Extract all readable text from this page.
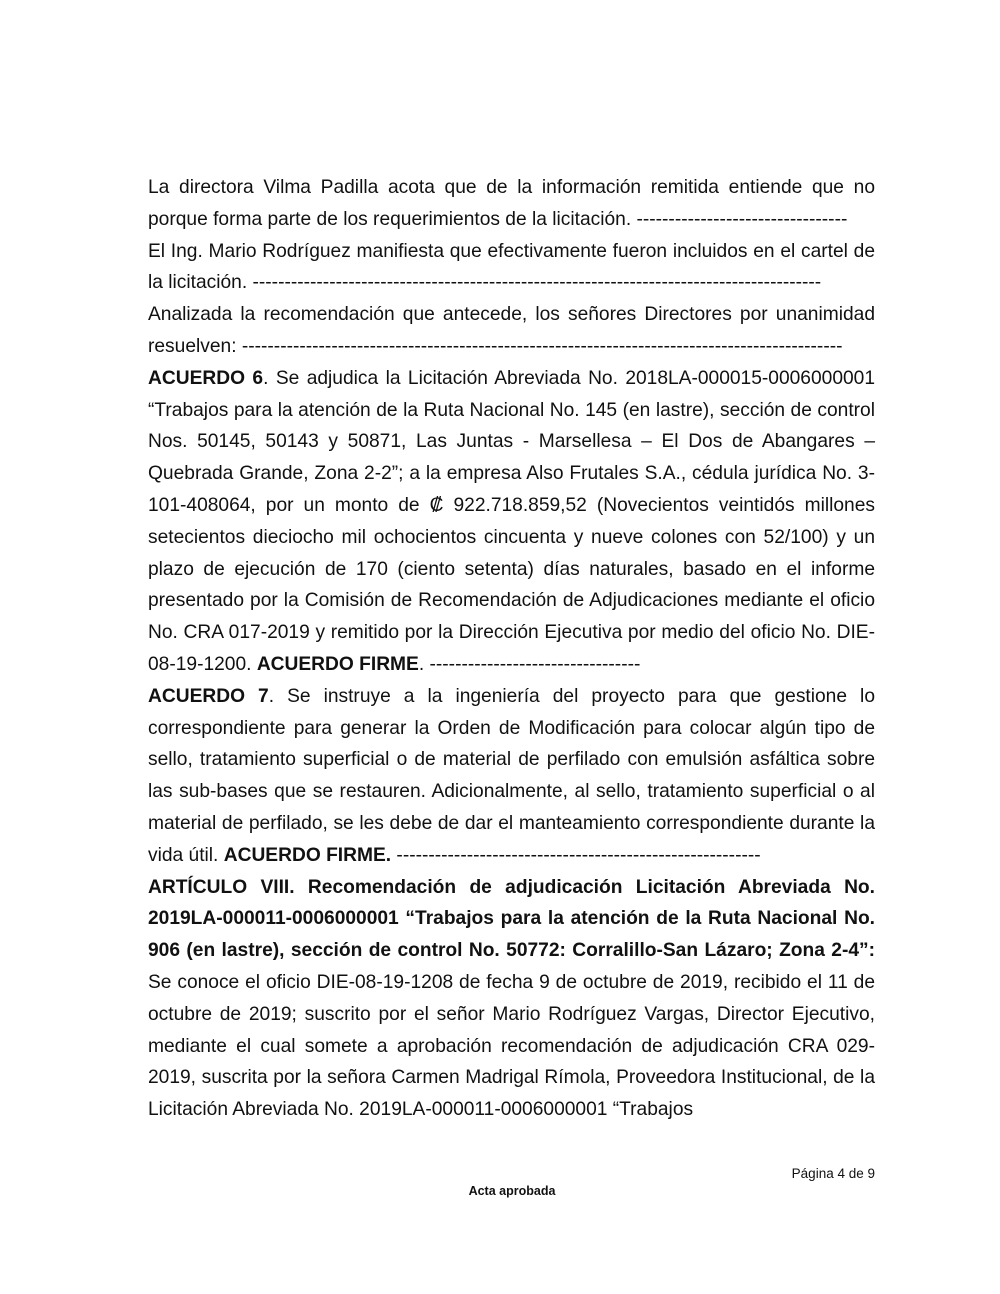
La directora Vilma Padilla acota que de la información remitida entiende que no porque forma parte de los requerimientos de la licitación. ---------------------------------

El Ing. Mario Rodríguez manifiesta que efectivamente fueron incluidos en el cartel de la licitación. -----------------------------------------------------------------------------------------

Analizada la recomendación que antecede, los señores Directores por unanimidad resuelven: ----------------------------------------------------------------------------------------------

ACUERDO 6. Se adjudica la Licitación Abreviada No. 2018LA-000015-0006000001 “Trabajos para la atención de la Ruta Nacional No. 145 (en lastre), sección de control Nos. 50145, 50143 y 50871, Las Juntas - Marsellesa – El Dos de Abangares – Quebrada Grande, Zona 2-2”; a la empresa Also Frutales S.A., cédula jurídica No. 3-101-408064, por un monto de ₡ 922.718.859,52 (Novecientos veintidós millones setecientos dieciocho mil ochocientos cincuenta y nueve colones con 52/100) y un plazo de ejecución de 170 (ciento setenta) días naturales, basado en el informe presentado por la Comisión de Recomendación de Adjudicaciones mediante el oficio No. CRA 017-2019 y remitido por la Dirección Ejecutiva por medio del oficio No. DIE-08-19-1200. ACUERDO FIRME. ---------------------------------

ACUERDO 7. Se instruye a la ingeniería del proyecto para que gestione lo correspondiente para generar la Orden de Modificación para colocar algún tipo de sello, tratamiento superficial o de material de perfilado con emulsión asfáltica sobre las sub-bases que se restauren. Adicionalmente, al sello, tratamiento superficial o al material de perfilado, se les debe de dar el manteamiento correspondiente durante la vida útil. ACUERDO FIRME. ---------------------------------------------------------

ARTÍCULO VIII. Recomendación de adjudicación Licitación Abreviada No. 2019LA-000011-0006000001 “Trabajos para la atención de la Ruta Nacional No. 906 (en lastre), sección de control No. 50772: Corralillo-San Lázaro; Zona 2-4”: Se conoce el oficio DIE-08-19-1208 de fecha 9 de octubre de 2019, recibido el 11 de octubre de 2019; suscrito por el señor Mario Rodríguez Vargas, Director Ejecutivo, mediante el cual somete a aprobación recomendación de adjudicación CRA 029-2019, suscrita por la señora Carmen Madrigal Rímola, Proveedora Institucional, de la Licitación Abreviada No. 2019LA-000011-0006000001 “Trabajos

Página 4 de 9
Acta aprobada
